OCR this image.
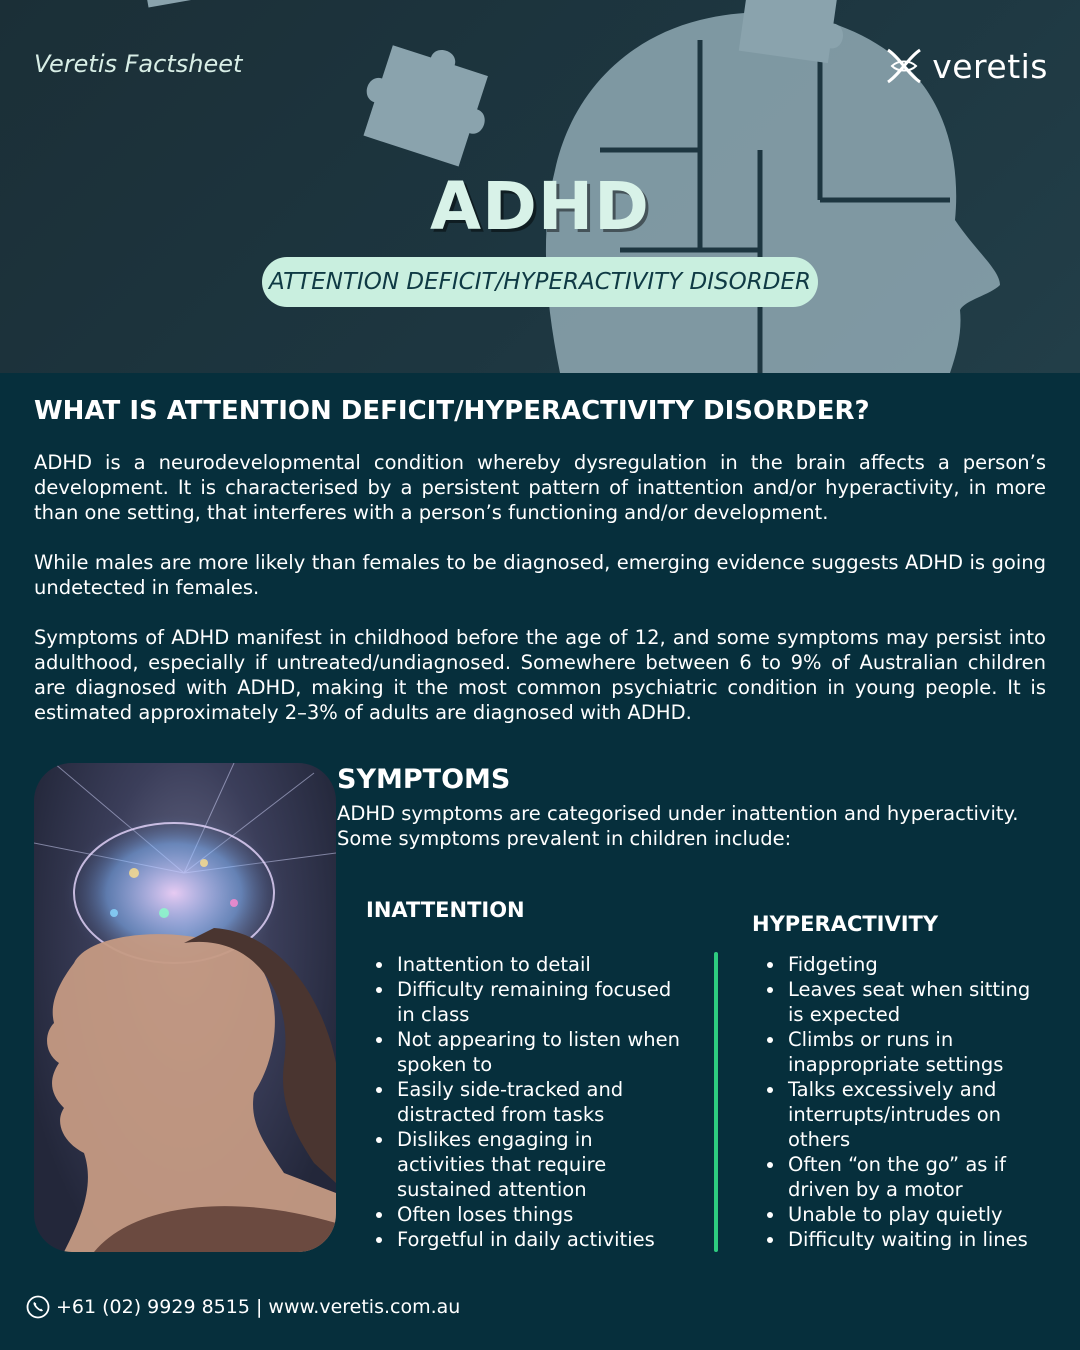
Veretis Factsheet	veretis
ADHD
ATTENTION DEFICIT/HYPERACTIVITY DISORDER
WHAT IS ATTENTION DEFICIT/HYPERACTIVITY DISORDER?

ADHD is a neurodevelopmental condition whereby dysregulation in the brain affects a person’s development. It is characterised by a persistent pattern of inattention and/or hyperactivity, in more than one setting, that interferes with a person’s functioning and/or development.

While males are more likely than females to be diagnosed, emerging evidence suggests ADHD is going undetected in females.

Symptoms of ADHD manifest in childhood before the age of 12, and some symptoms may persist into adulthood, especially if untreated/undiagnosed. Somewhere between 6 to 9% of Australian children are diagnosed with ADHD, making it the most common psychiatric condition in young people. It is estimated approximately 2–3% of adults are diagnosed with ADHD.

SYMPTOMS

ADHD symptoms are categorised under inattention and hyperactivity. Some symptoms prevalent in children include:

INATTENTION
HYPERACTIVITY
Inattention to detail
Difficulty remaining focused in class
Not appearing to listen when spoken to
Easily side-tracked and distracted from tasks
Dislikes engaging in activities that require sustained attention
Often loses things
Forgetful in daily activities
Fidgeting
Leaves seat when sitting is expected
Climbs or runs in inappropriate settings
Talks excessively and interrupts/intrudes on others
Often “on the go” as if driven by a motor
Unable to play quietly
Difficulty waiting in lines
+61 (02) 9929 8515 | www.veretis.com.au
